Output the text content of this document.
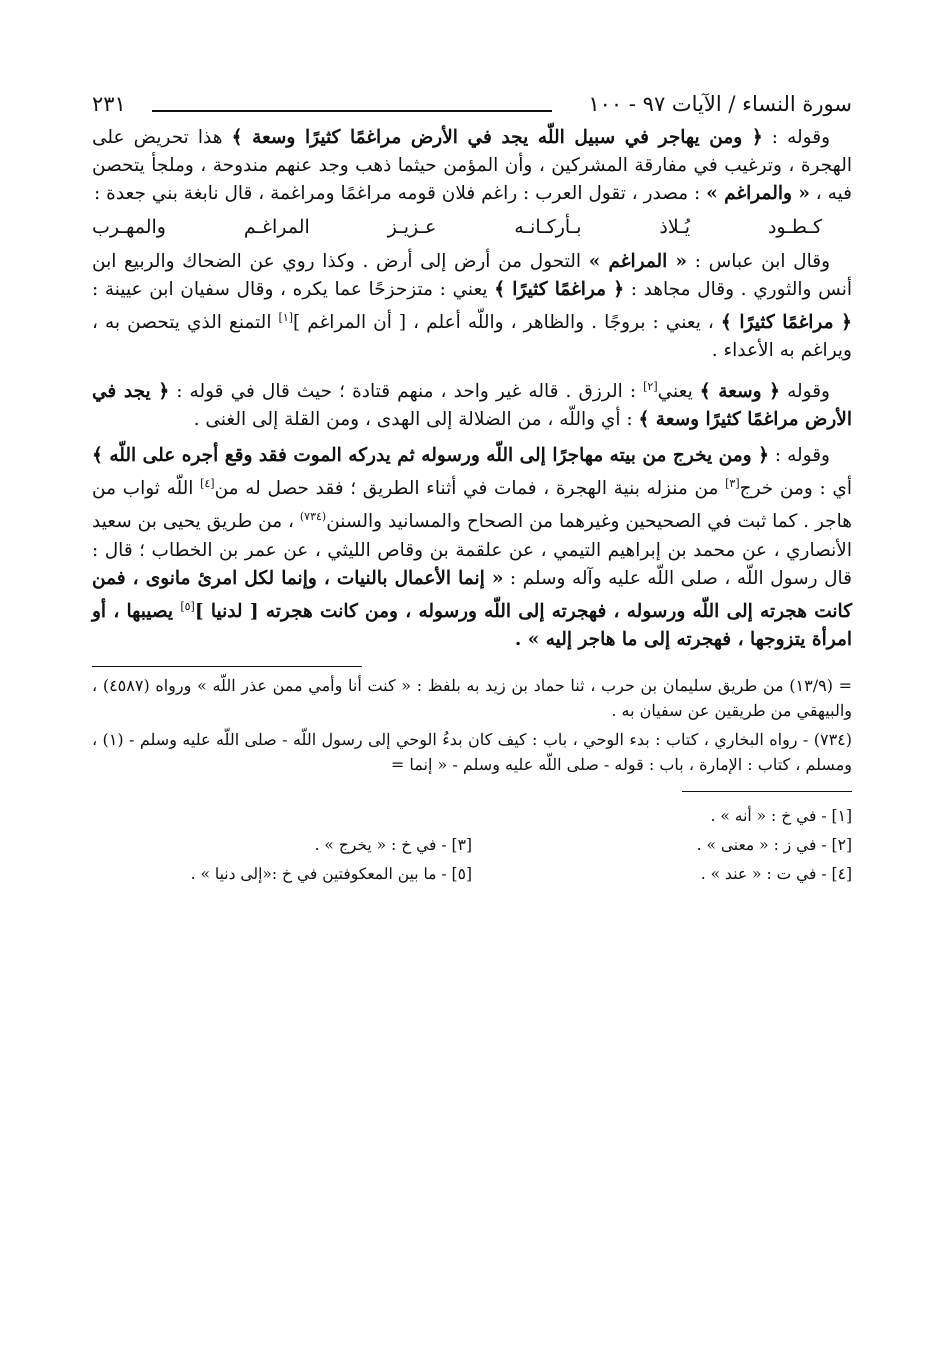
سورة النساء / الآيات ٩٧ - ١٠٠
٢٣١

وقوله : ﴿ ومن يهاجر في سبيل اللّه يجد في الأرض مراغمًا كثيرًا وسعة ﴾ هذا تحريض على الهجرة ، وترغيب في مفارقة المشركين ، وأن المؤمن حيثما ذهب وجد عنهم مندوحة ، وملجأ يتحصن فيه ، « والمراغم » : مصدر ، تقول العرب : راغم فلان قومه مراغمًا ومراغمة ، قال نابغة بني جعدة :

كـطـود
يُـلاذ
بـأركـانـه
عـزيـز
المراغـم
والمهـرب

وقال ابن عباس : « المراغم » التحول من أرض إلى أرض . وكذا روي عن الضحاك والربيع ابن أنس والثوري . وقال مجاهد : ﴿ مراغمًا كثيرًا ﴾ يعني : متزحزحًا عما يكره ، وقال سفيان ابن عيينة : ﴿ مراغمًا كثيرًا ﴾ ، يعني : بروجًا . والظاهر ، واللّه أعلم ، [ أن المراغم ][١] التمنع الذي يتحصن به ، ويراغم به الأعداء .

وقوله ﴿ وسعة ﴾ يعني[٢] : الرزق . قاله غير واحد ، منهم قتادة ؛ حيث قال في قوله : ﴿ يجد في الأرض مراغمًا كثيرًا وسعة ﴾ : أي واللّه ، من الضلالة إلى الهدى ، ومن القلة إلى الغنى .

وقوله : ﴿ ومن يخرج من بيته مهاجرًا إلى اللّه ورسوله ثم يدركه الموت فقد وقع أجره على اللّه ﴾ أي : ومن خرج[٣] من منزله بنية الهجرة ، فمات في أثناء الطريق ؛ فقد حصل له من[٤] اللّه ثواب من هاجر . كما ثبت في الصحيحين وغيرهما من الصحاح والمسانيد والسنن$^{(٧٣٤)}$ ، من طريق يحيى بن سعيد الأنصاري ، عن محمد بن إبراهيم التيمي ، عن علقمة بن وقاص الليثي ، عن عمر بن الخطاب ؛ قال : قال رسول اللّه ، صلى اللّه عليه وآله وسلم : « إنما الأعمال بالنيات ، وإنما لكل امرئ مانوى ، فمن كانت هجرته إلى اللّه ورسوله ، فهجرته إلى اللّه ورسوله ، ومن كانت هجرته [ لدنيا ][٥] يصيبها ، أو امرأة يتزوجها ، فهجرته إلى ما هاجر إليه » .

= (١٣/٩) من طريق سليمان بن حرب ، ثنا حماد بن زيد به بلفظ : « كنت أنا وأمي ممن عذر اللّه » ورواه (٤٥٨٧) ، والبيهقي من طريقين عن سفيان به .

(٧٣٤) - رواه البخاري ، كتاب : بدء الوحي ، باب : كيف كان بدءُ الوحي إلى رسول اللّه - صلى اللّه عليه وسلم - (١) ، ومسلم ، كتاب : الإمارة ، باب : قوله - صلى اللّه عليه وسلم - « إنما =

[١] - في خ : « أنه » .
[٢] - في ز : « معنى » .
[٣] - في خ : « يخرج » .
[٤] - في ت : « عند » .
[٥] - ما بين المعكوفتين في خ :«إلى دنيا » .
